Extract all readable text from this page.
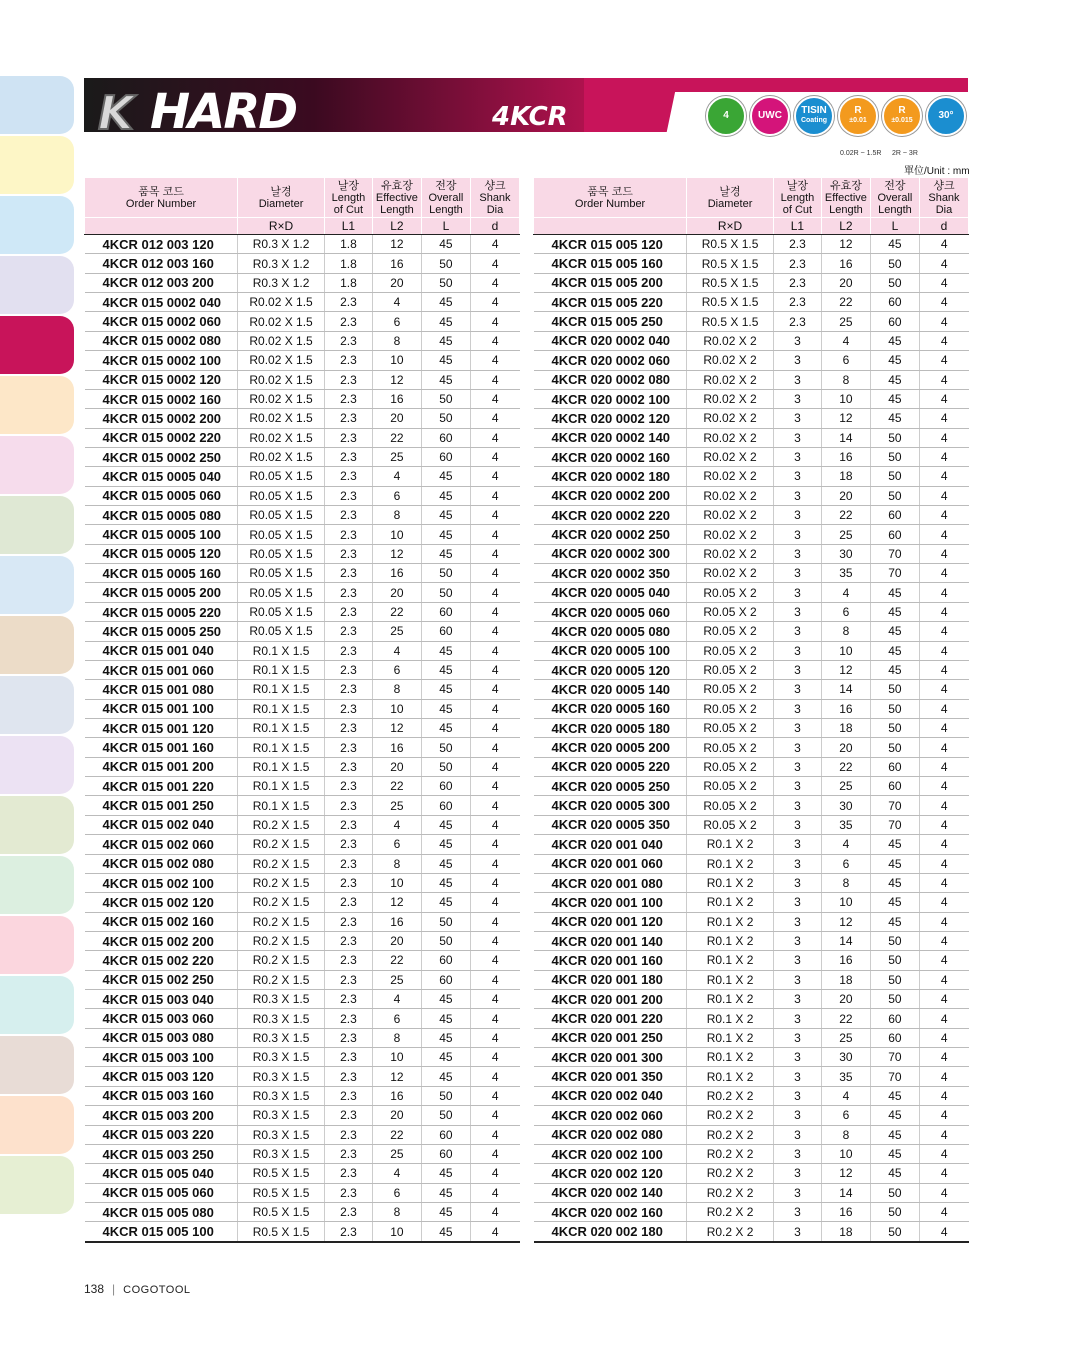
K HARD	4KCR	4	UWC TISIN
Coating
R
±0.01
R
±0.015	30°
0.02R ~ 1.5R 2R ~ 3R
單位/Unit : mm
품목 코드
Order Number	날경
Diameter	날장
Length
of Cut	유효장
Effective
Length	전장
Overall
Length	샹크
Shank
Dia
	R×D	L1	L2	L	d
4KCR 012 003 120	R0.3 X 1.2	1.8	12	45	4
4KCR 012 003 160	R0.3 X 1.2	1.8	16	50	4
4KCR 012 003 200	R0.3 X 1.2	1.8	20	50	4
4KCR 015 0002 040	R0.02 X 1.5	2.3	4	45	4
4KCR 015 0002 060	R0.02 X 1.5	2.3	6	45	4
4KCR 015 0002 080	R0.02 X 1.5	2.3	8	45	4
4KCR 015 0002 100	R0.02 X 1.5	2.3	10	45	4
4KCR 015 0002 120	R0.02 X 1.5	2.3	12	45	4
4KCR 015 0002 160	R0.02 X 1.5	2.3	16	50	4
4KCR 015 0002 200	R0.02 X 1.5	2.3	20	50	4
4KCR 015 0002 220	R0.02 X 1.5	2.3	22	60	4
4KCR 015 0002 250	R0.02 X 1.5	2.3	25	60	4
4KCR 015 0005 040	R0.05 X 1.5	2.3	4	45	4
4KCR 015 0005 060	R0.05 X 1.5	2.3	6	45	4
4KCR 015 0005 080	R0.05 X 1.5	2.3	8	45	4
4KCR 015 0005 100	R0.05 X 1.5	2.3	10	45	4
4KCR 015 0005 120	R0.05 X 1.5	2.3	12	45	4
4KCR 015 0005 160	R0.05 X 1.5	2.3	16	50	4
4KCR 015 0005 200	R0.05 X 1.5	2.3	20	50	4
4KCR 015 0005 220	R0.05 X 1.5	2.3	22	60	4
4KCR 015 0005 250	R0.05 X 1.5	2.3	25	60	4
4KCR 015 001 040	R0.1 X 1.5	2.3	4	45	4
4KCR 015 001 060	R0.1 X 1.5	2.3	6	45	4
4KCR 015 001 080	R0.1 X 1.5	2.3	8	45	4
4KCR 015 001 100	R0.1 X 1.5	2.3	10	45	4
4KCR 015 001 120	R0.1 X 1.5	2.3	12	45	4
4KCR 015 001 160	R0.1 X 1.5	2.3	16	50	4
4KCR 015 001 200	R0.1 X 1.5	2.3	20	50	4
4KCR 015 001 220	R0.1 X 1.5	2.3	22	60	4
4KCR 015 001 250	R0.1 X 1.5	2.3	25	60	4
4KCR 015 002 040	R0.2 X 1.5	2.3	4	45	4
4KCR 015 002 060	R0.2 X 1.5	2.3	6	45	4
4KCR 015 002 080	R0.2 X 1.5	2.3	8	45	4
4KCR 015 002 100	R0.2 X 1.5	2.3	10	45	4
4KCR 015 002 120	R0.2 X 1.5	2.3	12	45	4
4KCR 015 002 160	R0.2 X 1.5	2.3	16	50	4
4KCR 015 002 200	R0.2 X 1.5	2.3	20	50	4
4KCR 015 002 220	R0.2 X 1.5	2.3	22	60	4
4KCR 015 002 250	R0.2 X 1.5	2.3	25	60	4
4KCR 015 003 040	R0.3 X 1.5	2.3	4	45	4
4KCR 015 003 060	R0.3 X 1.5	2.3	6	45	4
4KCR 015 003 080	R0.3 X 1.5	2.3	8	45	4
4KCR 015 003 100	R0.3 X 1.5	2.3	10	45	4
4KCR 015 003 120	R0.3 X 1.5	2.3	12	45	4
4KCR 015 003 160	R0.3 X 1.5	2.3	16	50	4
4KCR 015 003 200	R0.3 X 1.5	2.3	20	50	4
4KCR 015 003 220	R0.3 X 1.5	2.3	22	60	4
4KCR 015 003 250	R0.3 X 1.5	2.3	25	60	4
4KCR 015 005 040	R0.5 X 1.5	2.3	4	45	4
4KCR 015 005 060	R0.5 X 1.5	2.3	6	45	4
4KCR 015 005 080	R0.5 X 1.5	2.3	8	45	4
4KCR 015 005 100	R0.5 X 1.5	2.3	10	45	4
품목 코드
Order Number	날경
Diameter	날장
Length
of Cut	유효장
Effective
Length	전장
Overall
Length	샹크
Shank
Dia
	R×D	L1	L2	L	d
4KCR 015 005 120	R0.5 X 1.5	2.3	12	45	4
4KCR 015 005 160	R0.5 X 1.5	2.3	16	50	4
4KCR 015 005 200	R0.5 X 1.5	2.3	20	50	4
4KCR 015 005 220	R0.5 X 1.5	2.3	22	60	4
4KCR 015 005 250	R0.5 X 1.5	2.3	25	60	4
4KCR 020 0002 040	R0.02 X 2	3	4	45	4
4KCR 020 0002 060	R0.02 X 2	3	6	45	4
4KCR 020 0002 080	R0.02 X 2	3	8	45	4
4KCR 020 0002 100	R0.02 X 2	3	10	45	4
4KCR 020 0002 120	R0.02 X 2	3	12	45	4
4KCR 020 0002 140	R0.02 X 2	3	14	50	4
4KCR 020 0002 160	R0.02 X 2	3	16	50	4
4KCR 020 0002 180	R0.02 X 2	3	18	50	4
4KCR 020 0002 200	R0.02 X 2	3	20	50	4
4KCR 020 0002 220	R0.02 X 2	3	22	60	4
4KCR 020 0002 250	R0.02 X 2	3	25	60	4
4KCR 020 0002 300	R0.02 X 2	3	30	70	4
4KCR 020 0002 350	R0.02 X 2	3	35	70	4
4KCR 020 0005 040	R0.05 X 2	3	4	45	4
4KCR 020 0005 060	R0.05 X 2	3	6	45	4
4KCR 020 0005 080	R0.05 X 2	3	8	45	4
4KCR 020 0005 100	R0.05 X 2	3	10	45	4
4KCR 020 0005 120	R0.05 X 2	3	12	45	4
4KCR 020 0005 140	R0.05 X 2	3	14	50	4
4KCR 020 0005 160	R0.05 X 2	3	16	50	4
4KCR 020 0005 180	R0.05 X 2	3	18	50	4
4KCR 020 0005 200	R0.05 X 2	3	20	50	4
4KCR 020 0005 220	R0.05 X 2	3	22	60	4
4KCR 020 0005 250	R0.05 X 2	3	25	60	4
4KCR 020 0005 300	R0.05 X 2	3	30	70	4
4KCR 020 0005 350	R0.05 X 2	3	35	70	4
4KCR 020 001 040	R0.1 X 2	3	4	45	4
4KCR 020 001 060	R0.1 X 2	3	6	45	4
4KCR 020 001 080	R0.1 X 2	3	8	45	4
4KCR 020 001 100	R0.1 X 2	3	10	45	4
4KCR 020 001 120	R0.1 X 2	3	12	45	4
4KCR 020 001 140	R0.1 X 2	3	14	50	4
4KCR 020 001 160	R0.1 X 2	3	16	50	4
4KCR 020 001 180	R0.1 X 2	3	18	50	4
4KCR 020 001 200	R0.1 X 2	3	20	50	4
4KCR 020 001 220	R0.1 X 2	3	22	60	4
4KCR 020 001 250	R0.1 X 2	3	25	60	4
4KCR 020 001 300	R0.1 X 2	3	30	70	4
4KCR 020 001 350	R0.1 X 2	3	35	70	4
4KCR 020 002 040	R0.2 X 2	3	4	45	4
4KCR 020 002 060	R0.2 X 2	3	6	45	4
4KCR 020 002 080	R0.2 X 2	3	8	45	4
4KCR 020 002 100	R0.2 X 2	3	10	45	4
4KCR 020 002 120	R0.2 X 2	3	12	45	4
4KCR 020 002 140	R0.2 X 2	3	14	50	4
4KCR 020 002 160	R0.2 X 2	3	16	50	4
4KCR 020 002 180	R0.2 X 2	3	18	50	4
138 | COGOTOOL
